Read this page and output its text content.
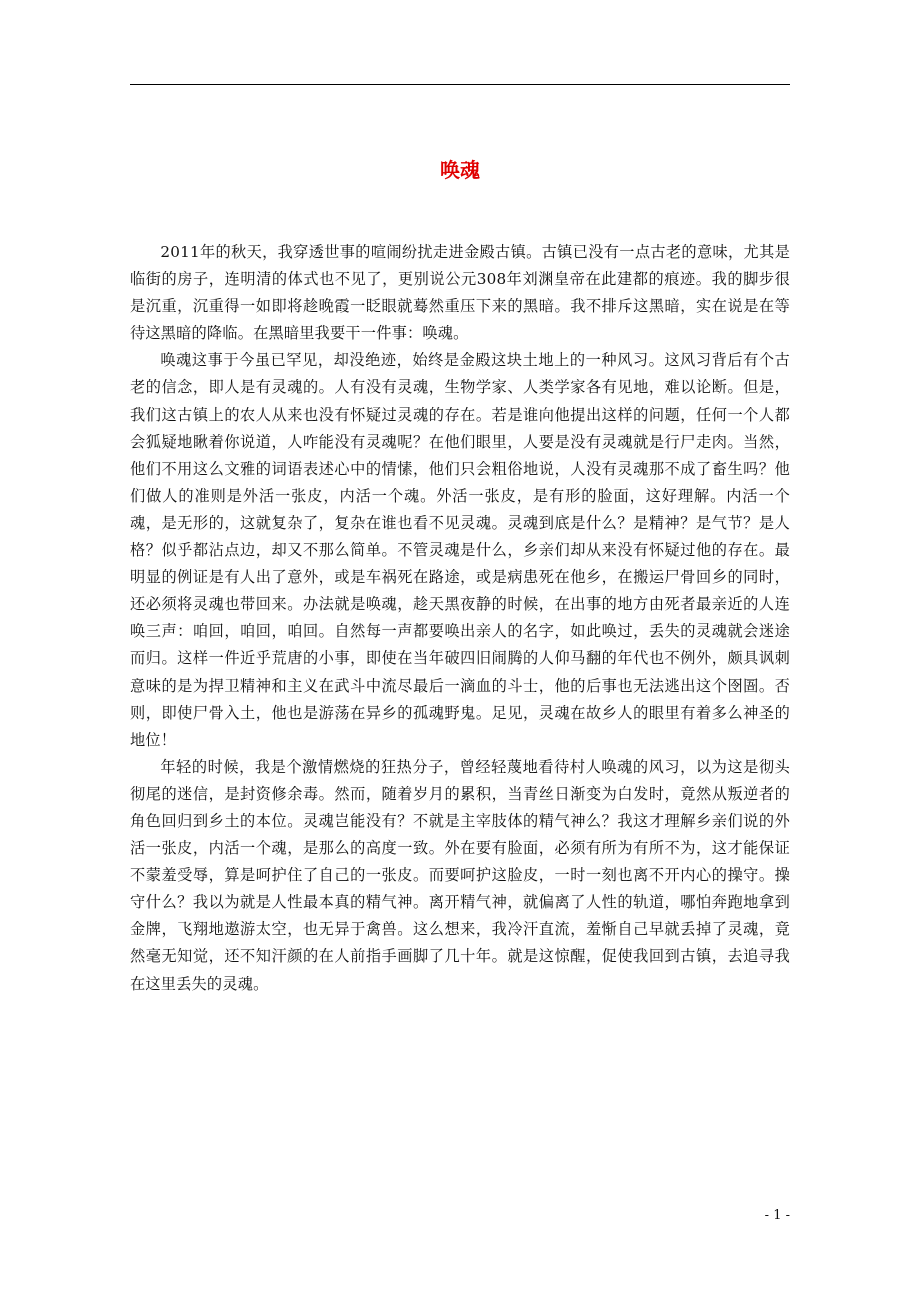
唤魂

2011年的秋天，我穿透世事的喧闹纷扰走进金殿古镇。古镇已没有一点古老的意味，尤其是临街的房子，连明清的体式也不见了，更别说公元308年刘渊皇帝在此建都的痕迹。我的脚步很是沉重，沉重得一如即将趁晚霞一眨眼就蓦然重压下来的黑暗。我不排斥这黑暗，实在说是在等待这黑暗的降临。在黑暗里我要干一件事：唤魂。

唤魂这事于今虽已罕见，却没绝迹，始终是金殿这块土地上的一种风习。这风习背后有个古老的信念，即人是有灵魂的。人有没有灵魂，生物学家、人类学家各有见地，难以论断。但是，我们这古镇上的农人从来也没有怀疑过灵魂的存在。若是谁向他提出这样的问题，任何一个人都会狐疑地瞅着你说道，人咋能没有灵魂呢？在他们眼里，人要是没有灵魂就是行尸走肉。当然，他们不用这么文雅的词语表述心中的情愫，他们只会粗俗地说，人没有灵魂那不成了畜生吗？他们做人的准则是外活一张皮，内活一个魂。外活一张皮，是有形的脸面，这好理解。内活一个魂，是无形的，这就复杂了，复杂在谁也看不见灵魂。灵魂到底是什么？是精神？是气节？是人格？似乎都沾点边，却又不那么简单。不管灵魂是什么，乡亲们却从来没有怀疑过他的存在。最明显的例证是有人出了意外，或是车祸死在路途，或是病患死在他乡，在搬运尸骨回乡的同时，还必须将灵魂也带回来。办法就是唤魂，趁天黑夜静的时候，在出事的地方由死者最亲近的人连唤三声：咱回，咱回，咱回。自然每一声都要唤出亲人的名字，如此唤过，丢失的灵魂就会迷途而归。这样一件近乎荒唐的小事，即使在当年破四旧闹腾的人仰马翻的年代也不例外，颇具讽刺意味的是为捍卫精神和主义在武斗中流尽最后一滴血的斗士，他的后事也无法逃出这个囹圄。否则，即使尸骨入土，他也是游荡在异乡的孤魂野鬼。足见，灵魂在故乡人的眼里有着多么神圣的地位！

年轻的时候，我是个激情燃烧的狂热分子，曾经轻蔑地看待村人唤魂的风习，以为这是彻头彻尾的迷信，是封资修余毒。然而，随着岁月的累积，当青丝日渐变为白发时，竟然从叛逆者的角色回归到乡土的本位。灵魂岂能没有？不就是主宰肢体的精气神么？我这才理解乡亲们说的外活一张皮，内活一个魂，是那么的高度一致。外在要有脸面，必须有所为有所不为，这才能保证不蒙羞受辱，算是呵护住了自己的一张皮。而要呵护这脸皮，一时一刻也离不开内心的操守。操守什么？我以为就是人性最本真的精气神。离开精气神，就偏离了人性的轨道，哪怕奔跑地拿到金牌，飞翔地遨游太空，也无异于禽兽。这么想来，我冷汗直流，羞惭自己早就丢掉了灵魂，竟然毫无知觉，还不知汗颜的在人前指手画脚了几十年。就是这惊醒，促使我回到古镇，去追寻我在这里丢失的灵魂。

- 1 -
